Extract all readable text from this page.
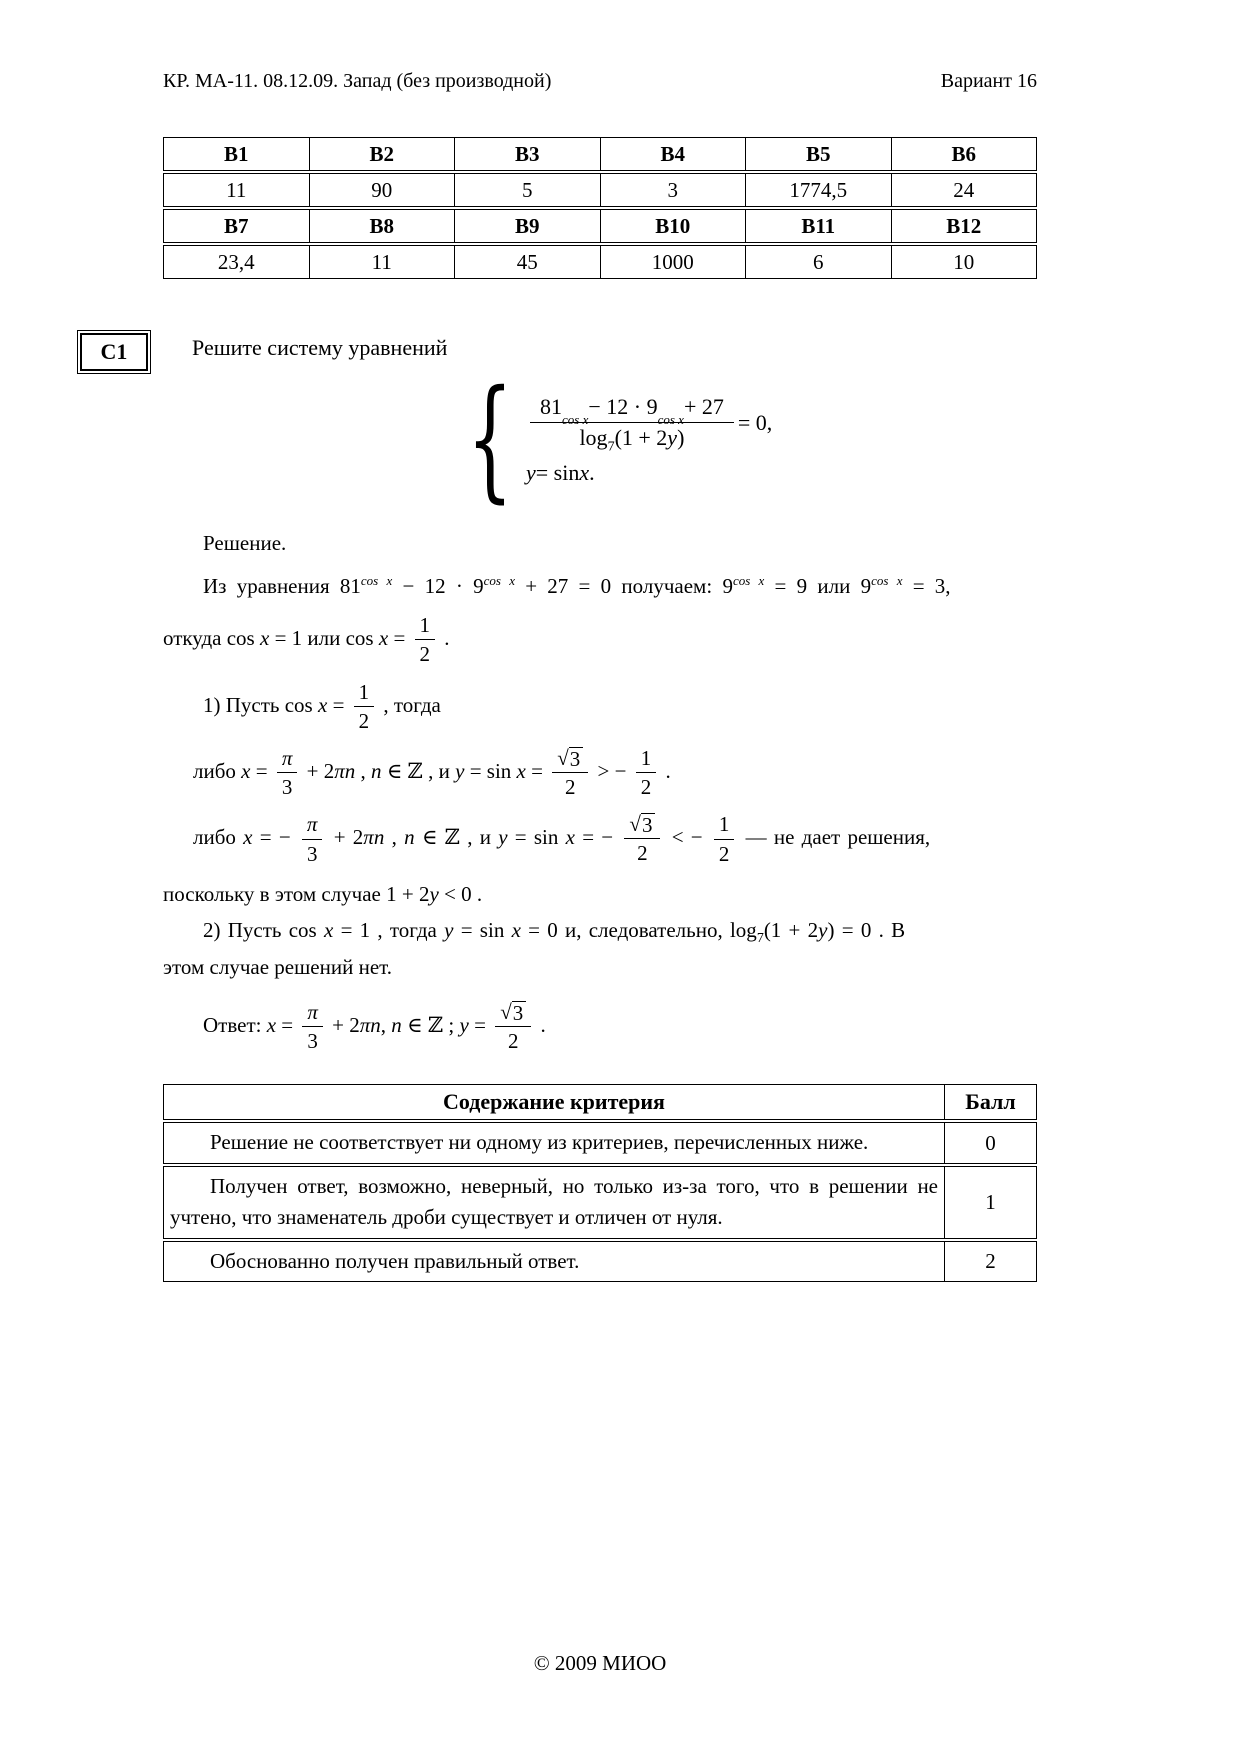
КР. МА-11. 08.12.09. Запад (без производной)	Вариант 16
В1	В2	В3	В4	В5	В6
11	90	5	3	1774,5	24
В7	В8	В9	В10	В11	В12
23,4	11	45	1000	6	10
С1	Решите систему уравнений
{ 81
cos x
− 12 · 9
cos x
+ 27
$\log_7(1 + 2y) = 0$,
y = sin x .
Решение.
Из уравнения $81^{cos x} - 12 \cdot 9^{cos x} + 27 = 0$ получаем: $9^{cos x} = 9$ или $9^{cos x} = 3$,
откуда cos x = 1 или $\cos x = \frac{1}{2}$ .
1) Пусть $\cos x = \frac{1}{2}$ , тогда
либо $x = \frac{\pi}{3} + 2\pi n$ , n ∈ ℤ , и $y = \sin x = \frac{√ 3}{2}$ > − $\frac{1}{2}$ .
либо x = − $\frac{\pi}{3} + 2\pi n$ , n ∈ ℤ , и y = sin x = − $\frac{√ 3}{2}$ < − $\frac{1}{2}$ — не дает решения,
поскольку в этом случае 1 + 2y < 0 .
2) Пусть cos x = 1 , тогда y = sin x = 0 и, следовательно, $\log_7(1 + 2y) = 0$ . В
этом случае решений нет.
Ответ: $x = \frac{\pi}{3} + 2\pi n$, n ∈ ℤ ; $y = \frac{√ 3}{2}$ .
Содержание критерия	Балл
Решение не соответствует ни одному из критериев, перечисленных ниже.	0
Получен ответ, возможно, неверный, но только из-за того, что в решении не учтено, что знаменатель дроби существует и отличен от нуля.	1
Обоснованно получен правильный ответ.	2
© 2009 МИОО
